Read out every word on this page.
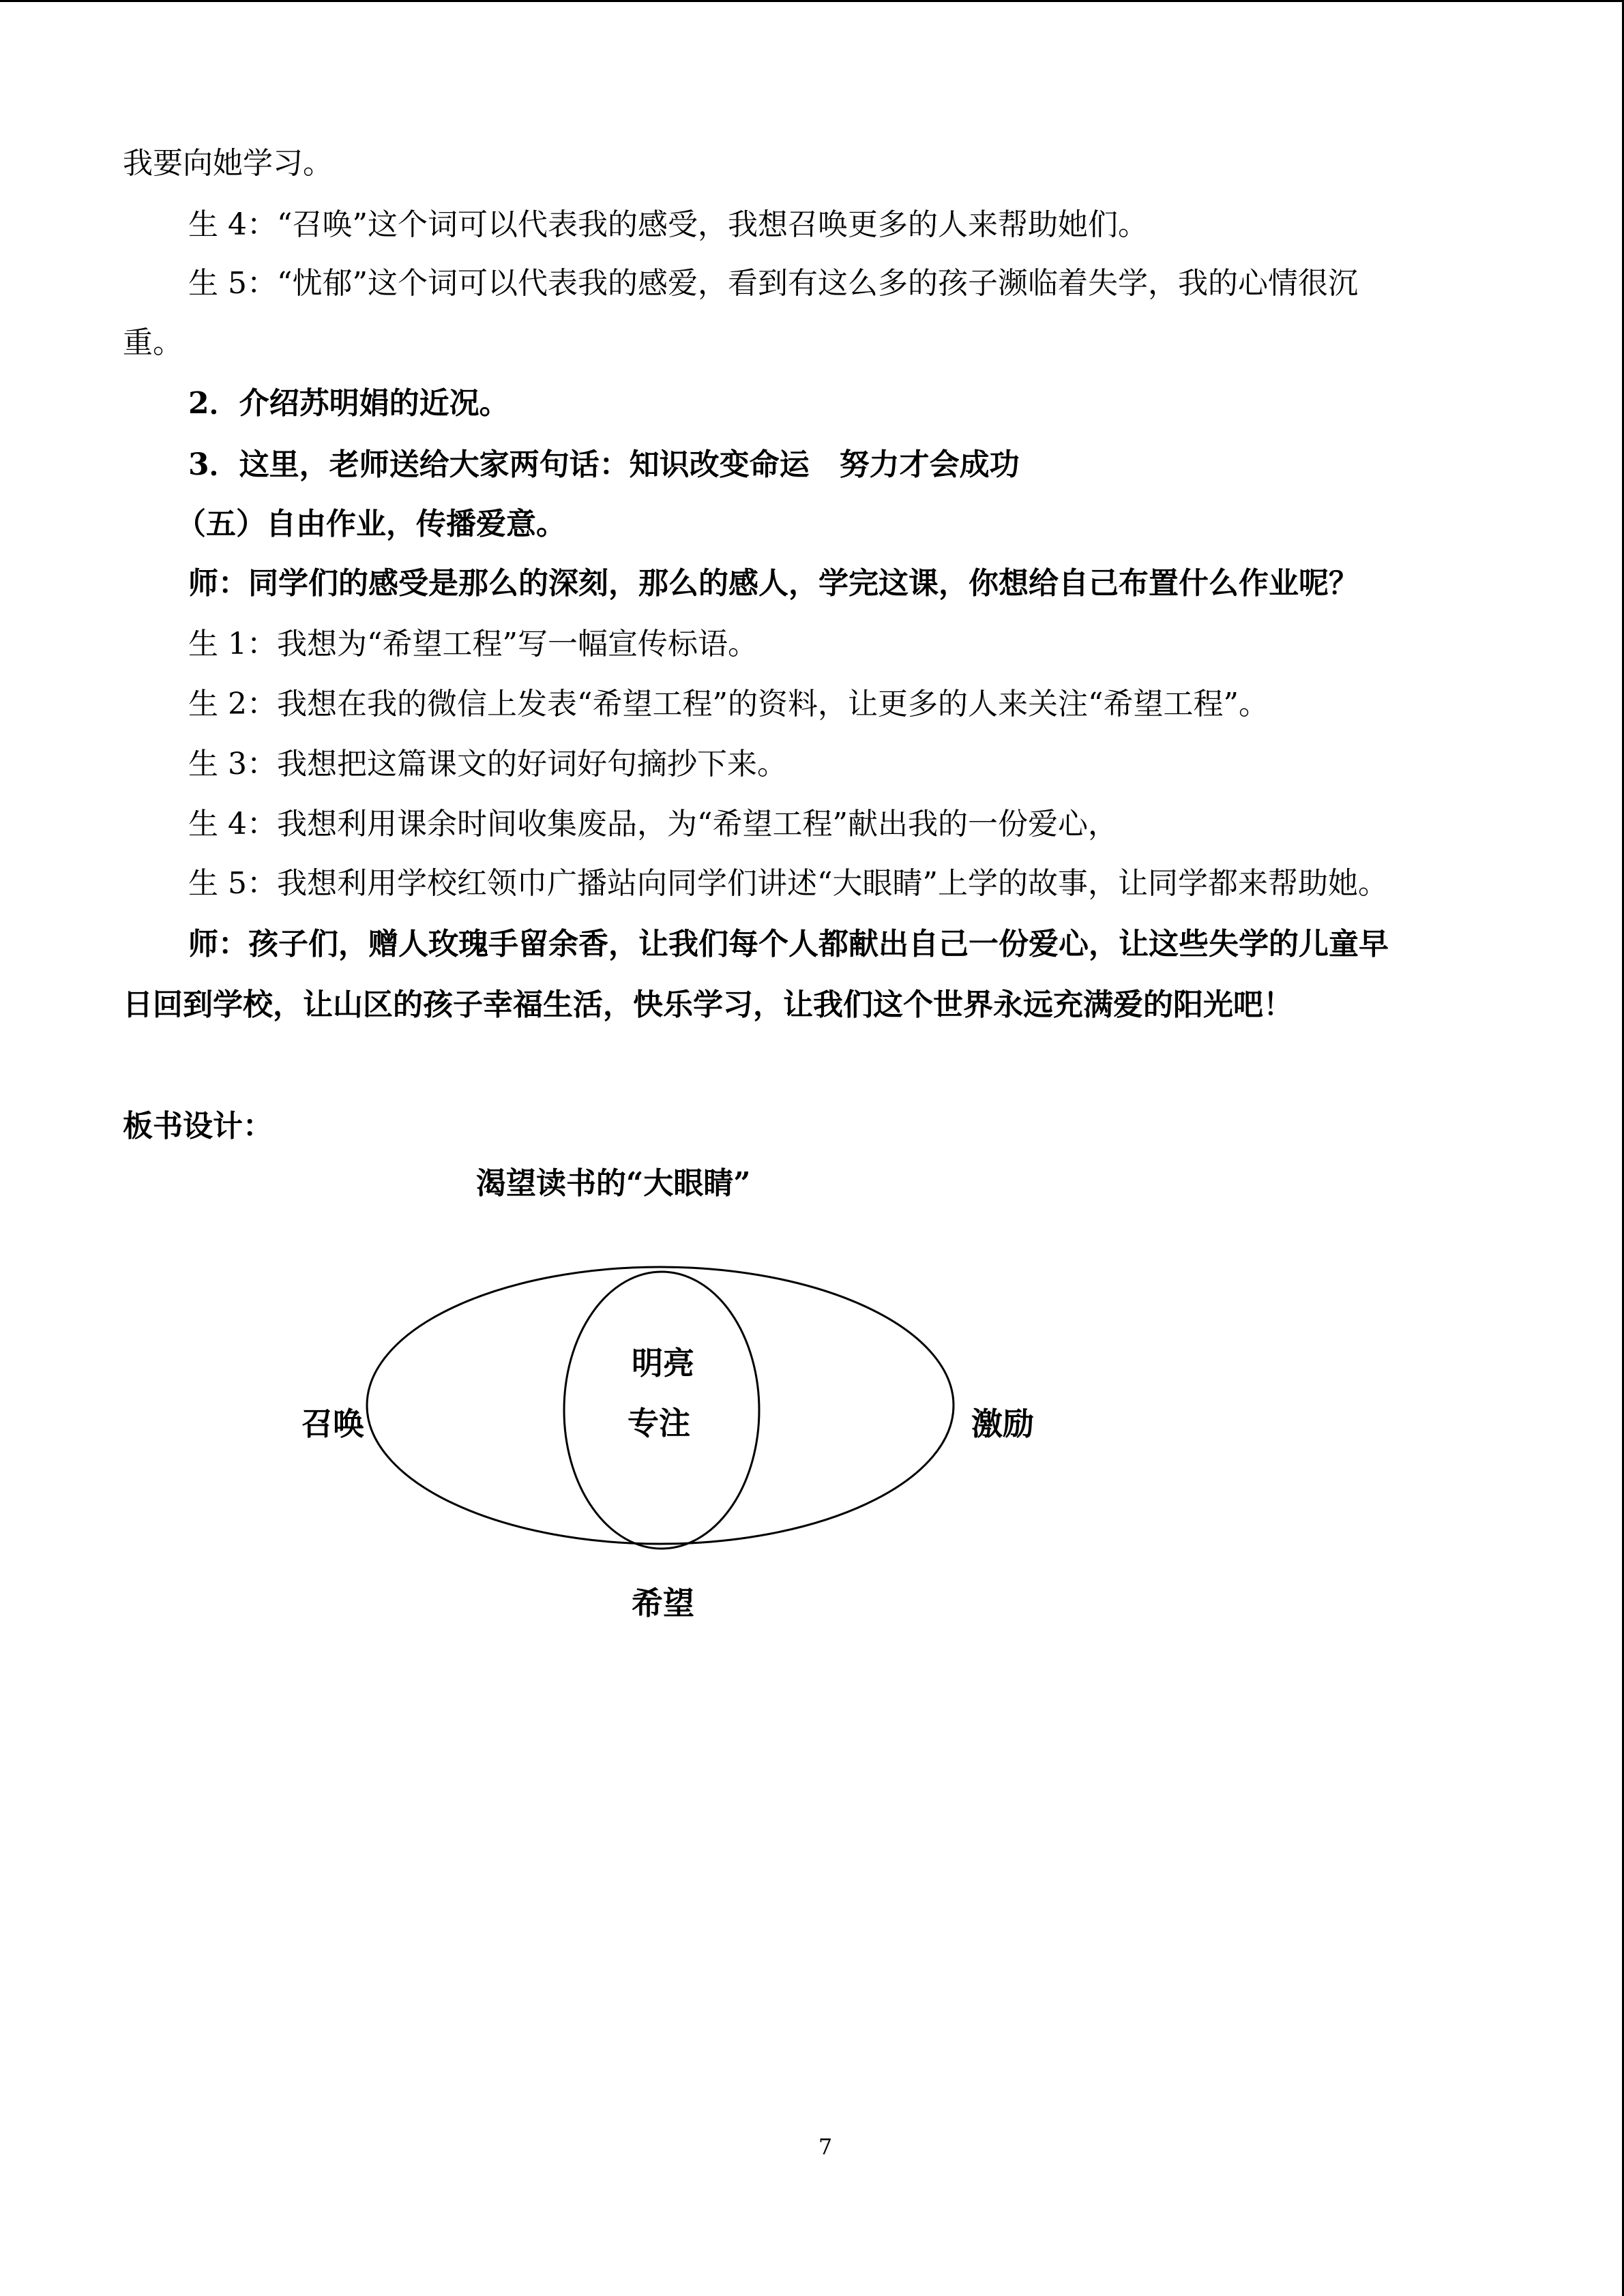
我要向她学习。
生 4：“召唤”这个词可以代表我的感受，我想召唤更多的人来帮助她们。
生 5：“忧郁”这个词可以代表我的感爱，看到有这么多的孩子濒临着失学，我的心情很沉
重。
2．介绍苏明娟的近况。
3．这里，老师送给大家两句话：知识改变命运　努力才会成功
（五）自由作业，传播爱意。
师：同学们的感受是那么的深刻，那么的感人，学完这课，你想给自己布置什么作业呢？
生 1：我想为“希望工程”写一幅宣传标语。
生 2：我想在我的微信上发表“希望工程”的资料，让更多的人来关注“希望工程”。
生 3：我想把这篇课文的好词好句摘抄下来。
生 4：我想利用课余时间收集废品，为“希望工程”献出我的一份爱心，
生 5：我想利用学校红领巾广播站向同学们讲述“大眼睛”上学的故事，让同学都来帮助她。
师：孩子们，赠人玫瑰手留余香，让我们每个人都献出自己一份爱心，让这些失学的儿童早
日回到学校，让山区的孩子幸福生活，快乐学习，让我们这个世界永远充满爱的阳光吧！
板书设计：
渴望读书的“大眼睛”
明亮
专注
召唤	激励
希望
7
